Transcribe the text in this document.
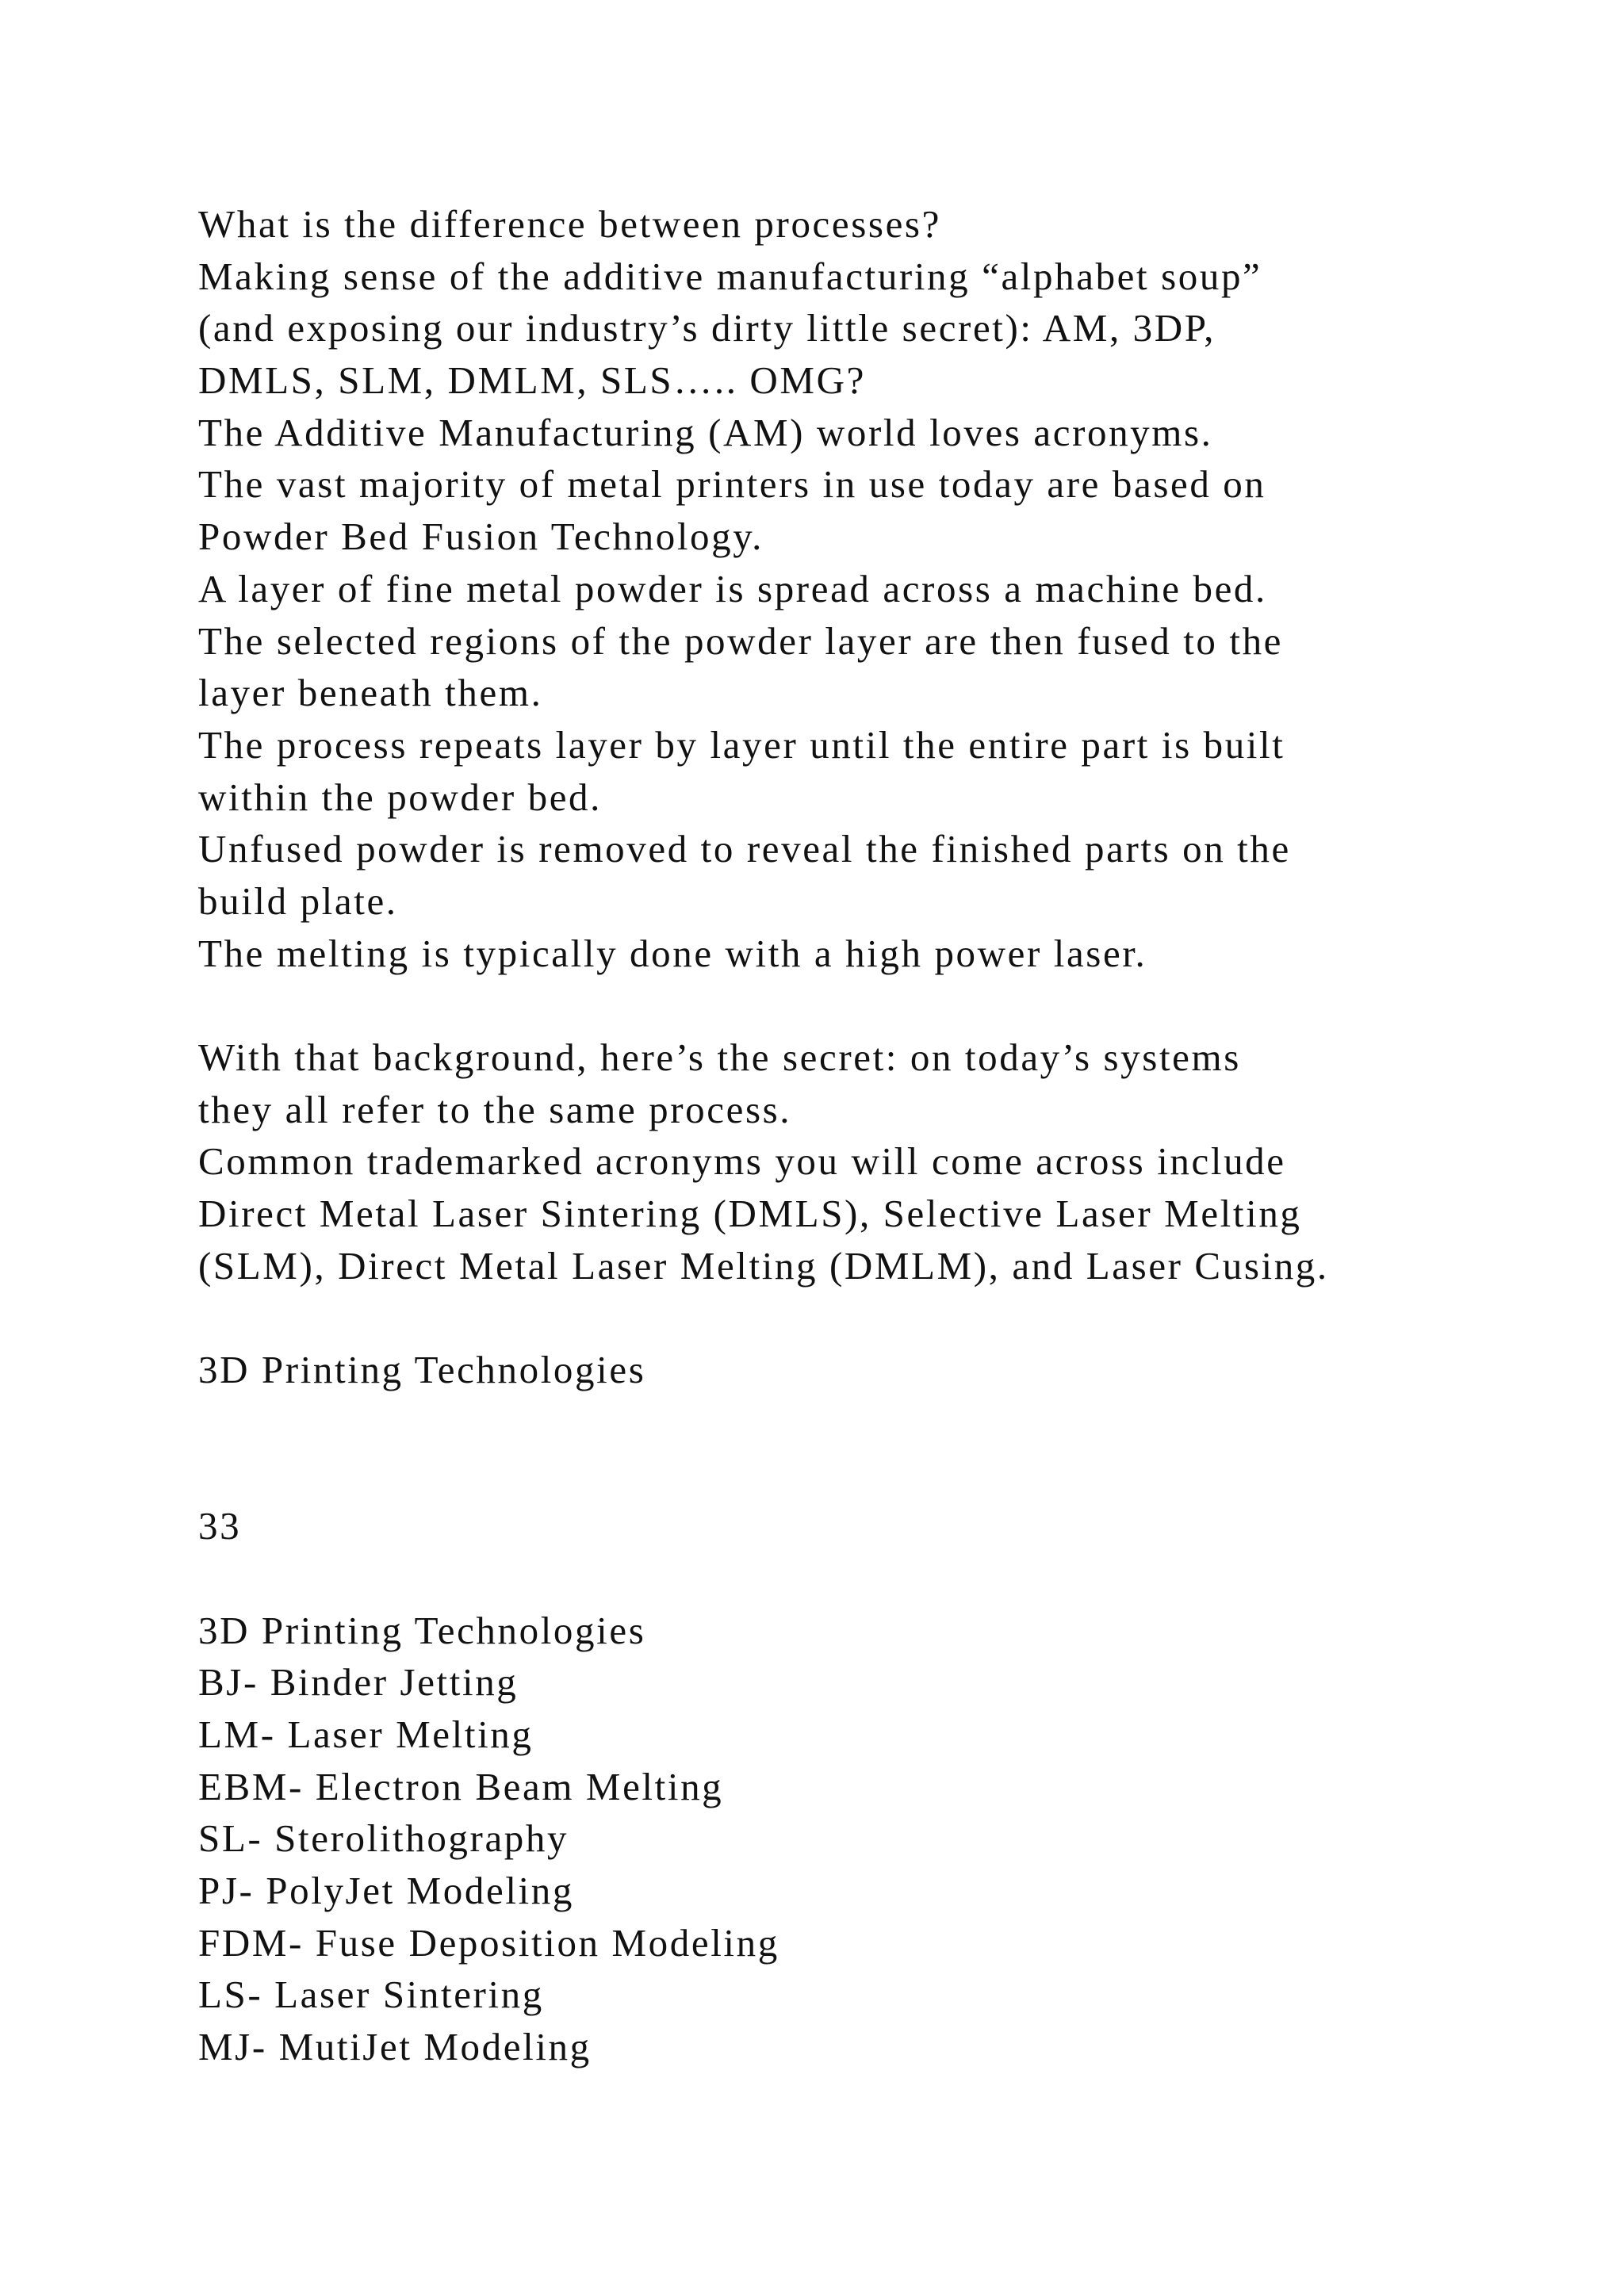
What is the difference between processes?
Making sense of the additive manufacturing “alphabet soup”
(and exposing our industry’s dirty little secret): AM, 3DP,
DMLS, SLM, DMLM, SLS….. OMG?
The Additive Manufacturing (AM) world loves acronyms.
The vast majority of metal printers in use today are based on
Powder Bed Fusion Technology.
A layer of fine metal powder is spread across a machine bed.
The selected regions of the powder layer are then fused to the
layer beneath them.
The process repeats layer by layer until the entire part is built
within the powder bed.
Unfused powder is removed to reveal the finished parts on the
build plate.
The melting is typically done with a high power laser.
With that background, here’s the secret: on today’s systems
they all refer to the same process.
Common trademarked acronyms you will come across include
Direct Metal Laser Sintering (DMLS), Selective Laser Melting
(SLM), Direct Metal Laser Melting (DMLM), and Laser Cusing.
3D Printing Technologies
33
3D Printing Technologies
BJ- Binder Jetting
LM- Laser Melting
EBM- Electron Beam Melting
SL- Sterolithography
PJ- PolyJet Modeling
FDM- Fuse Deposition Modeling
LS- Laser Sintering
MJ- MutiJet Modeling
